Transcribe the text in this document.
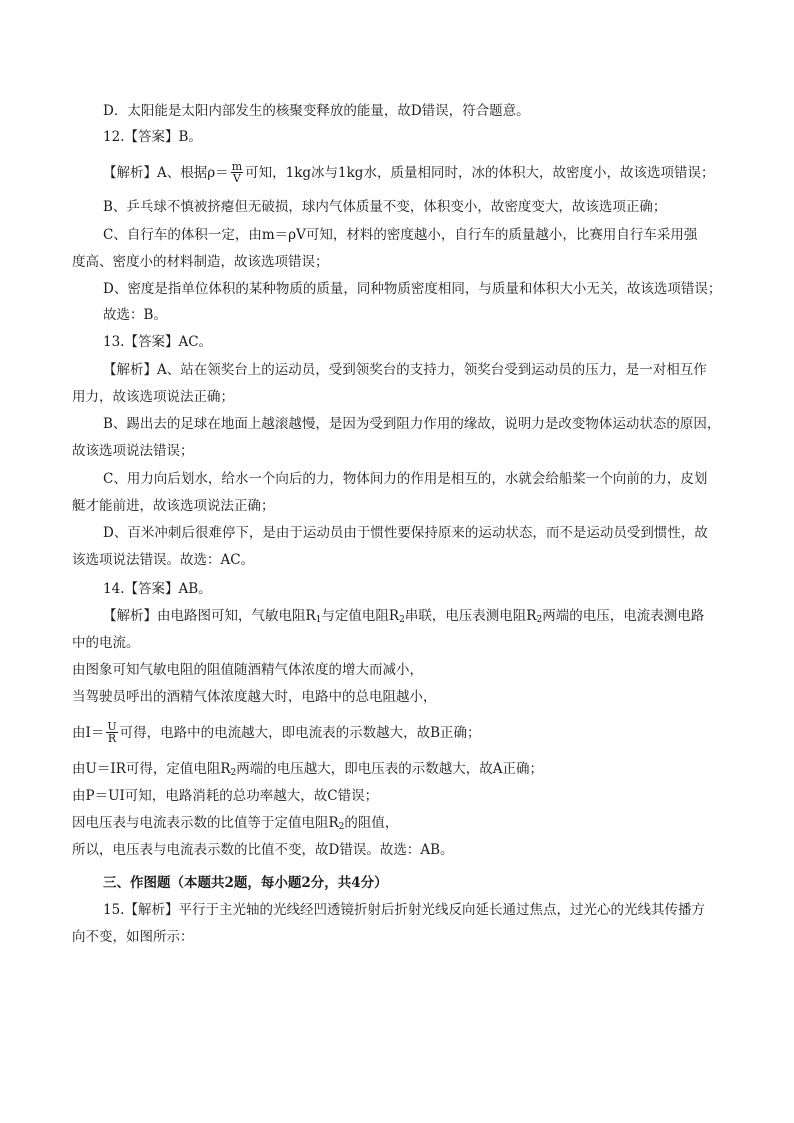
D．太阳能是太阳内部发生的核聚变释放的能量，故D错误，符合题意。
12.【答案】B。
【解析】A、根据$\rho= \frac{m}{V}$ 可知，1kg冰与1kg水，质量相同时，冰的体积大，故密度小，故该选项错误；
B、乒乓球不慎被挤瘪但无破损，球内气体质量不变，体积变小，故密度变大，故该选项正确；
C、自行车的体积一定，由m＝ρV可知，材料的密度越小，自行车的质量越小，比赛用自行车采用强
度高、密度小的材料制造，故该选项错误；
D、密度是指单位体积的某种物质的质量，同种物质密度相同，与质量和体积大小无关，故该选项错误；
故选：B。
13.【答案】AC。
【解析】A、站在领奖台上的运动员，受到领奖台的支持力，领奖台受到运动员的压力，是一对相互作
用力，故该选项说法正确；
B、踢出去的足球在地面上越滚越慢，是因为受到阻力作用的缘故，说明力是改变物体运动状态的原因，
故该选项说法错误；
C、用力向后划水，给水一个向后的力，物体间力的作用是相互的，水就会给船桨一个向前的力，皮划
艇才能前进，故该选项说法正确；
D、百米冲刺后很难停下，是由于运动员由于惯性要保持原来的运动状态，而不是运动员受到惯性，故
该选项说法错误。故选：AC。
14.【答案】AB。
【解析】由电路图可知，气敏电阻$R_1$与定值电阻$R_2$串联，电压表测电阻$R_2$两端的电压，电流表测电路
中的电流。
由图象可知气敏电阻的阻值随酒精气体浓度的增大而减小，
当驾驶员呼出的酒精气体浓度越大时，电路中的总电阻越小，
由$I= \frac{U}{R}$ 可得，电路中的电流越大，即电流表的示数越大，故B正确；
由U＝IR可得，定值电阻$R_2$两端的电压越大，即电压表的示数越大，故A正确；
由P＝UI可知，电路消耗的总功率越大，故C错误；
因电压表与电流表示数的比值等于定值电阻$R_2$的阻值，
所以，电压表与电流表示数的比值不变，故D错误。故选：AB。
三、作图题（本题共2题，每小题2分，共4分）
15.【解析】平行于主光轴的光线经凹透镜折射后折射光线反向延长通过焦点，过光心的光线其传播方
向不变，如图所示：
